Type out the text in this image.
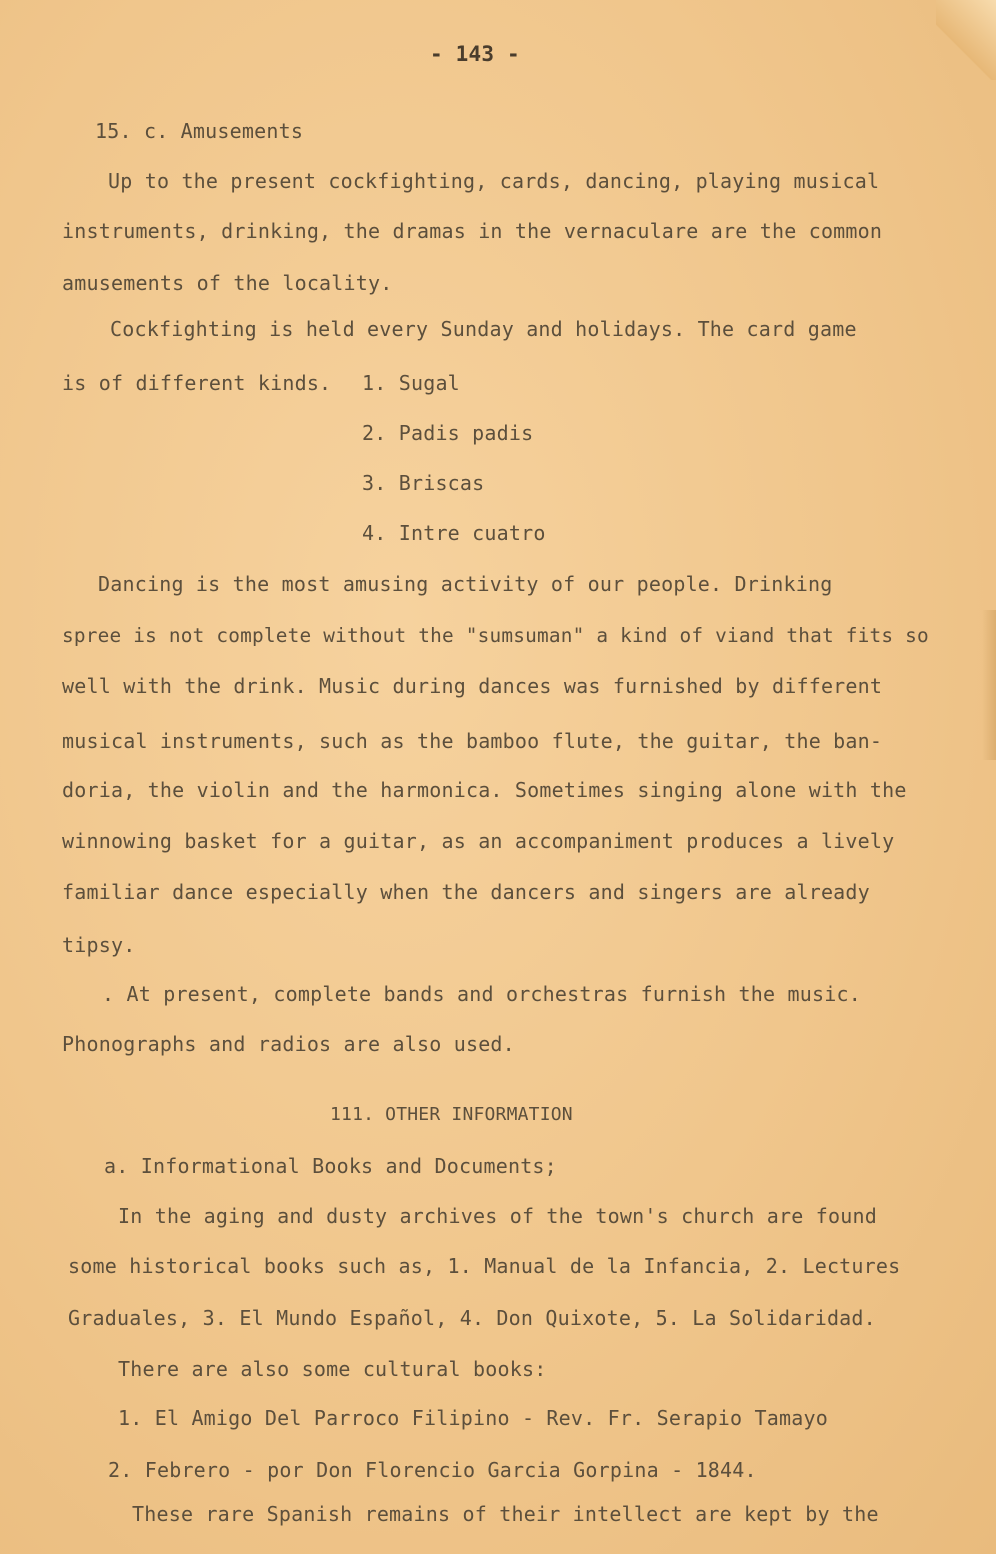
- 143 -
15. c. Amusements
Up to the present cockfighting, cards, dancing, playing musical
instruments, drinking, the dramas in the vernaculare are the common
amusements of the locality.
Cockfighting is held every Sunday and holidays. The card game
is of different kinds. 1. Sugal
2. Padis padis
3. Briscas
4. Intre cuatro
Dancing is the most amusing activity of our people. Drinking
spree is not complete without the "sumsuman" a kind of viand that fits so
well with the drink. Music during dances was furnished by different
musical instruments, such as the bamboo flute, the guitar, the ban-
doria, the violin and the harmonica. Sometimes singing alone with the
winnowing basket for a guitar, as an accompaniment produces a lively
familiar dance especially when the dancers and singers are already
tipsy.
. At present, complete bands and orchestras furnish the music.
Phonographs and radios are also used.
111. OTHER INFORMATION
a. Informational Books and Documents;
In the aging and dusty archives of the town's church are found
some historical books such as, 1. Manual de la Infancia, 2. Lectures
Graduales, 3. El Mundo Español, 4. Don Quixote, 5. La Solidaridad.
There are also some cultural books:
1. El Amigo Del Parroco Filipino - Rev. Fr. Serapio Tamayo
2. Febrero - por Don Florencio Garcia Gorpina - 1844.
These rare Spanish remains of their intellect are kept by the
